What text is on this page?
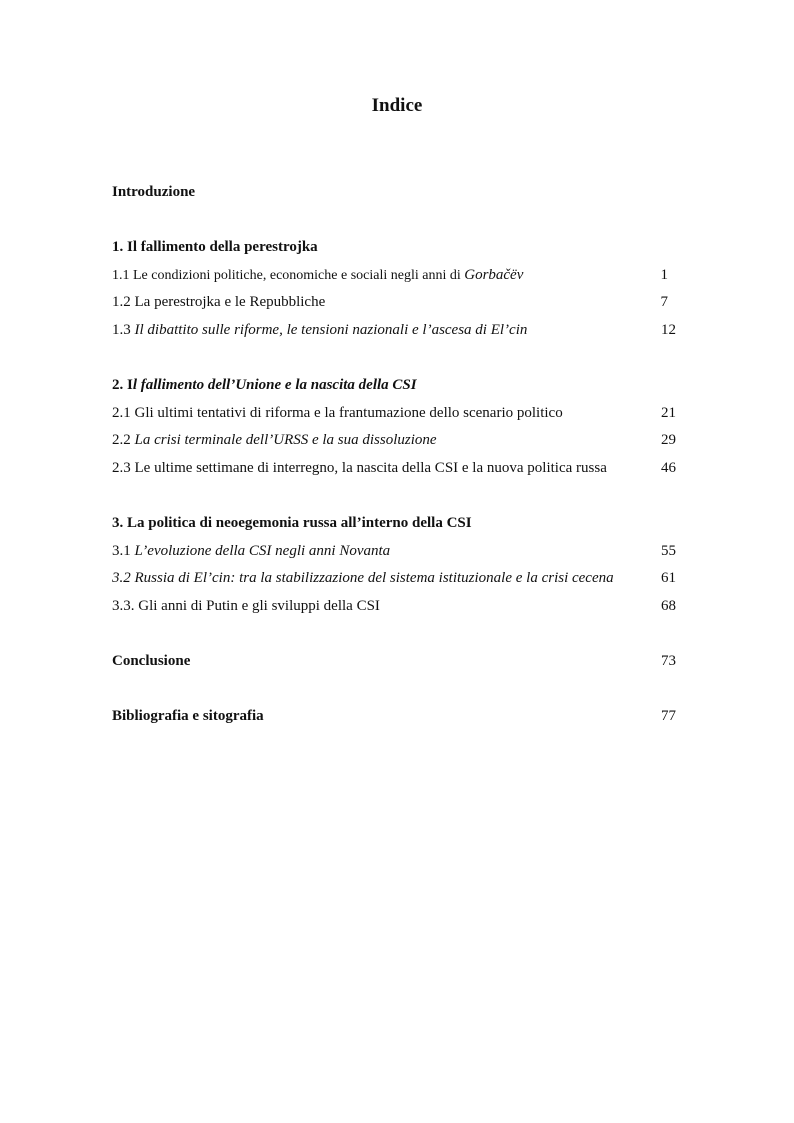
Indice
Introduzione
1. Il fallimento della perestrojka
1.1 Le condizioni politiche, economiche e sociali negli anni di Gorbačëv	1
1.2 La perestrojka e le Repubbliche	7
1.3 Il dibattito sulle riforme, le tensioni nazionali e l’ascesa di El’cin	12
2. Il fallimento dell’Unione e la nascita della CSI
2.1 Gli ultimi tentativi di riforma e la frantumazione dello scenario politico	21
2.2 La crisi terminale dell’URSS e la sua dissoluzione	29
2.3 Le ultime settimane di interregno, la nascita della CSI e la nuova politica russa	46
3. La politica di neoegemonia russa all’interno della CSI
3.1 L’evoluzione della CSI negli anni Novanta	55
3.2 Russia di El’cin: tra la stabilizzazione del sistema istituzionale e la crisi cecena	61
3.3. Gli anni di Putin e gli sviluppi della CSI	68
Conclusione	73
Bibliografia e sitografia	77
